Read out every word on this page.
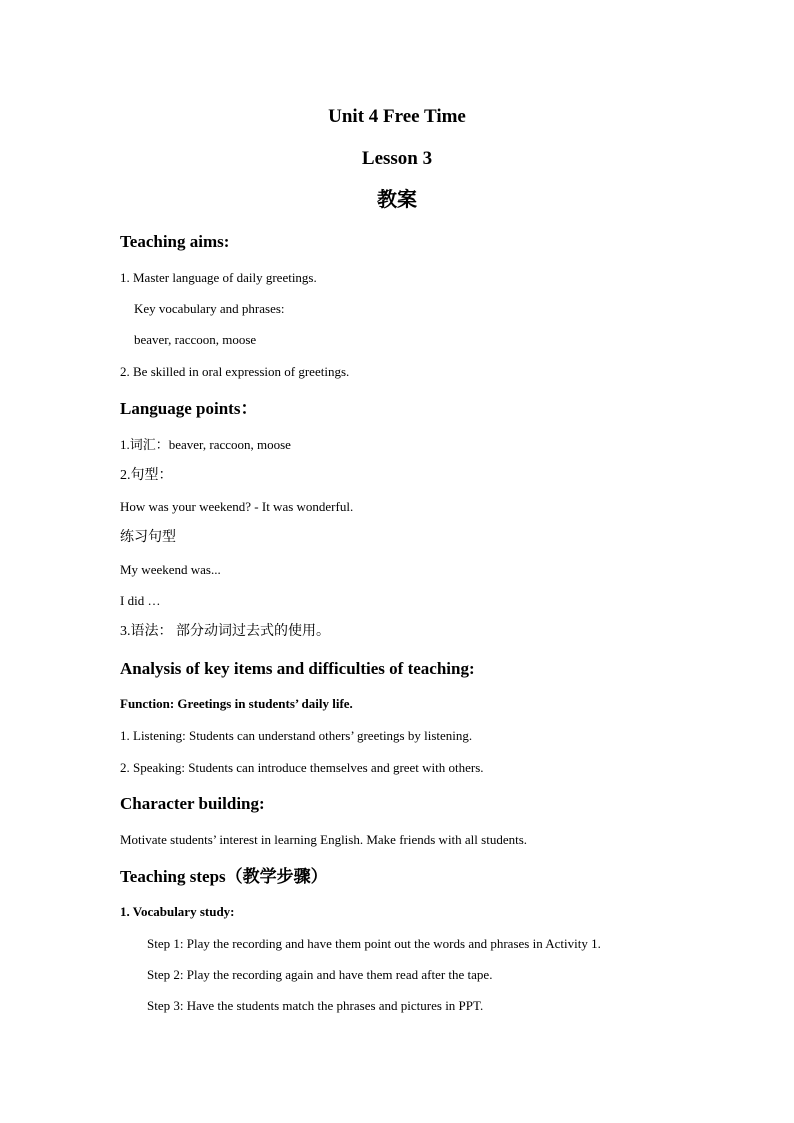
Unit 4 Free Time
Lesson 3
教案
Teaching aims:
1. Master language of daily greetings.
Key vocabulary and phrases:
beaver, raccoon, moose
2. Be skilled in oral expression of greetings.
Language points：
1.词汇：beaver, raccoon, moose
2.句型：
How was your weekend? - It was wonderful.
练习句型
My weekend was...
I did …
3.语法： 部分动词过去式的使用。
Analysis of key items and difficulties of teaching:
Function: Greetings in students’ daily life.
1. Listening: Students can understand others’ greetings by listening.
2. Speaking: Students can introduce themselves and greet with others.
Character building:
Motivate students’ interest in learning English. Make friends with all students.
Teaching steps（教学步骤）
1. Vocabulary study:
Step 1: Play the recording and have them point out the words and phrases in Activity 1.
Step 2: Play the recording again and have them read after the tape.
Step 3: Have the students match the phrases and pictures in PPT.
